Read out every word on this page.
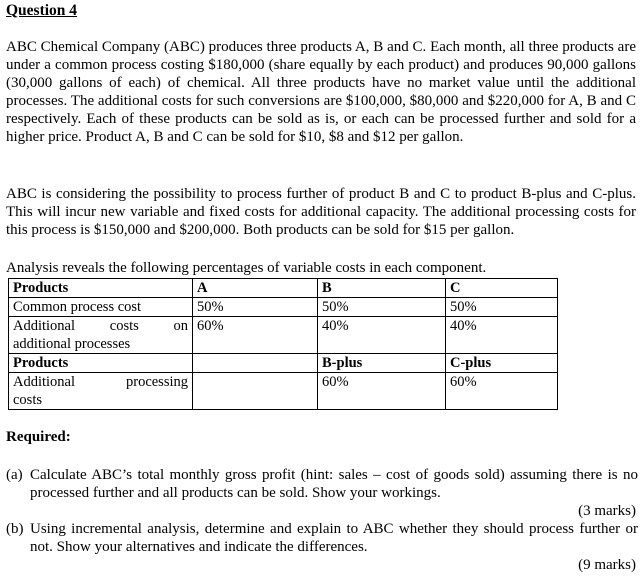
Question 4
ABC Chemical Company (ABC) produces three products A, B and C. Each month, all three products are under a common process costing $180,000 (share equally by each product) and produces 90,000 gallons (30,000 gallons of each) of chemical. All three products have no market value until the additional processes. The additional costs for such conversions are $100,000, $80,000 and $220,000 for A, B and C respectively. Each of these products can be sold as is, or each can be processed further and sold for a higher price. Product A, B and C can be sold for $10, $8 and $12 per gallon.
ABC is considering the possibility to process further of product B and C to product B-plus and C-plus. This will incur new variable and fixed costs for additional capacity. The additional processing costs for this process is $150,000 and $200,000. Both products can be sold for $15 per gallon.
Analysis reveals the following percentages of variable costs in each component.
Products	A	B	C
Common process cost	50%	50%	50%

Additional costs on
additional processes	60%	40%	40%
Products		B-plus	C-plus

Additional processing
costs		60%	60%
Required:
(a) Calculate ABC’s total monthly gross profit (hint: sales – cost of goods sold) assuming there is no processed further and all products can be sold. Show your workings.
(3 marks)
(b) Using incremental analysis, determine and explain to ABC whether they should process further or not. Show your alternatives and indicate the differences.
(9 marks)
